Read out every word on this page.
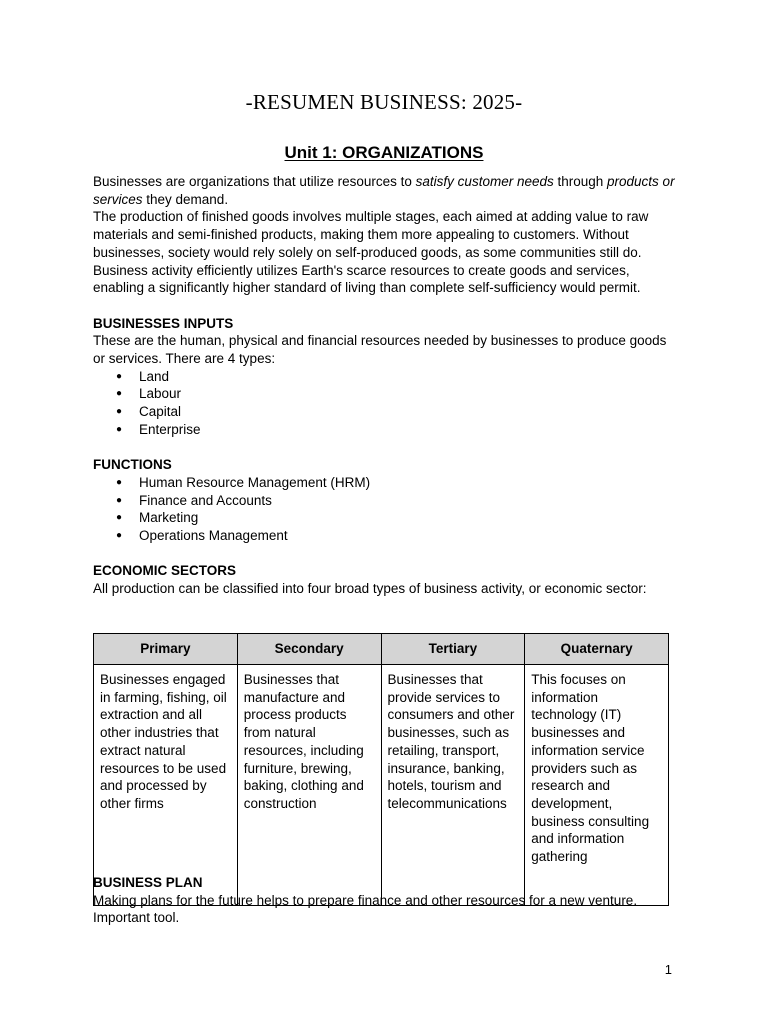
-RESUMEN BUSINESS: 2025-
Unit 1: ORGANIZATIONS

Businesses are organizations that utilize resources to satisfy customer needs through products or services they demand.

The production of finished goods involves multiple stages, each aimed at adding value to raw materials and semi-finished products, making them more appealing to customers. Without businesses, society would rely solely on self-produced goods, as some communities still do. Business activity efficiently utilizes Earth's scarce resources to create goods and services, enabling a significantly higher standard of living than complete self-sufficiency would permit.

BUSINESSES INPUTS

These are the human, physical and financial resources needed by businesses to produce goods or services. There are 4 types:

● Land
● Labour
● Capital
● Enterprise

FUNCTIONS

● Human Resource Management (HRM)
● Finance and Accounts
● Marketing
● Operations Management

ECONOMIC SECTORS

All production can be classified into four broad types of business activity, or economic sector:

Primary	Secondary	Tertiary	Quaternary
Businesses engaged in farming, fishing, oil extraction and all other industries that extract natural resources to be used and processed by other firms	Businesses that manufacture and process products from natural resources, including furniture, brewing, baking, clothing and construction	Businesses that provide services to consumers and other businesses, such as retailing, transport, insurance, banking, hotels, tourism and telecommunications	This focuses on information technology (IT) businesses and information service providers such as research and development, business consulting and information gathering

BUSINESS PLAN

Making plans for the future helps to prepare finance and other resources for a new venture. Important tool.

1
